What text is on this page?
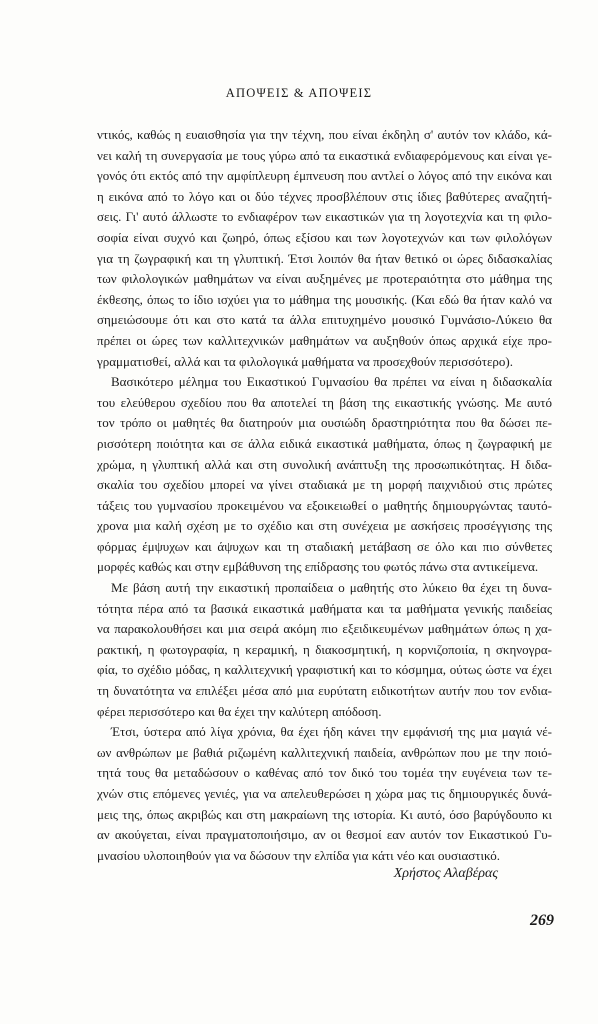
ΑΠΟΨΕΙΣ & ΑΠΟΨΕΙΣ

ντικός, καθώς η ευαισθησία για την τέχνη, που είναι έκδηλη σ' αυτόν τον κλάδο, κά-
νει καλή τη συνεργασία με τους γύρω από τα εικαστικά ενδιαφερόμενους και είναι γε-
γονός ότι εκτός από την αμφίπλευρη έμπνευση που αντλεί ο λόγος από την εικόνα και
η εικόνα από το λόγο και οι δύο τέχνες προσβλέπουν στις ίδιες βαθύτερες αναζητή-
σεις. Γι' αυτό άλλωστε το ενδιαφέρον των εικαστικών για τη λογοτεχνία και τη φιλο-
σοφία είναι συχνό και ζωηρό, όπως εξίσου και των λογοτεχνών και των φιλολόγων
για τη ζωγραφική και τη γλυπτική. Έτσι λοιπόν θα ήταν θετικό οι ώρες διδασκαλίας
των φιλολογικών μαθημάτων να είναι αυξημένες με προτεραιότητα στο μάθημα της
έκθεσης, όπως το ίδιο ισχύει για το μάθημα της μουσικής. (Και εδώ θα ήταν καλό να
σημειώσουμε ότι και στο κατά τα άλλα επιτυχημένο μουσικό Γυμνάσιο-Λύκειο θα
πρέπει οι ώρες των καλλιτεχνικών μαθημάτων να αυξηθούν όπως αρχικά είχε προ-
γραμματισθεί, αλλά και τα φιλολογικά μαθήματα να προσεχθούν περισσότερο).

Βασικότερο μέλημα του Εικαστικού Γυμνασίου θα πρέπει να είναι η διδασκαλία
του ελεύθερου σχεδίου που θα αποτελεί τη βάση της εικαστικής γνώσης. Με αυτό
τον τρόπο οι μαθητές θα διατηρούν μια ουσιώδη δραστηριότητα που θα δώσει πε-
ρισσότερη ποιότητα και σε άλλα ειδικά εικαστικά μαθήματα, όπως η ζωγραφική με
χρώμα, η γλυπτική αλλά και στη συνολική ανάπτυξη της προσωπικότητας. Η διδα-
σκαλία του σχεδίου μπορεί να γίνει σταδιακά με τη μορφή παιχνιδιού στις πρώτες
τάξεις του γυμνασίου προκειμένου να εξοικειωθεί ο μαθητής δημιουργώντας ταυτό-
χρονα μια καλή σχέση με το σχέδιο και στη συνέχεια με ασκήσεις προσέγγισης της
φόρμας έμψυχων και άψυχων και τη σταδιακή μετάβαση σε όλο και πιο σύνθετες
μορφές καθώς και στην εμβάθυνση της επίδρασης του φωτός πάνω στα αντικείμενα.

Με βάση αυτή την εικαστική προπαίδεια ο μαθητής στο λύκειο θα έχει τη δυνα-
τότητα πέρα από τα βασικά εικαστικά μαθήματα και τα μαθήματα γενικής παιδείας
να παρακολουθήσει και μια σειρά ακόμη πιο εξειδικευμένων μαθημάτων όπως η χα-
ρακτική, η φωτογραφία, η κεραμική, η διακοσμητική, η κορνιζοποιία, η σκηνογρα-
φία, το σχέδιο μόδας, η καλλιτεχνική γραφιστική και το κόσμημα, ούτως ώστε να έχει
τη δυνατότητα να επιλέξει μέσα από μια ευρύτατη ειδικοτήτων αυτήν που τον ενδια-
φέρει περισσότερο και θα έχει την καλύτερη απόδοση.

Έτσι, ύστερα από λίγα χρόνια, θα έχει ήδη κάνει την εμφάνισή της μια μαγιά νέ-
ων ανθρώπων με βαθιά ριζωμένη καλλιτεχνική παιδεία, ανθρώπων που με την ποιό-
τητά τους θα μεταδώσουν ο καθένας από τον δικό του τομέα την ευγένεια των τε-
χνών στις επόμενες γενιές, για να απελευθερώσει η χώρα μας τις δημιουργικές δυνά-
μεις της, όπως ακριβώς και στη μακραίωνη της ιστορία. Κι αυτό, όσο βαρύγδουπο κι
αν ακούγεται, είναι πραγματοποιήσιμο, αν οι θεσμοί εαν αυτόν τον Εικαστικού Γυ-
μνασίου υλοποιηθούν για να δώσουν την ελπίδα για κάτι νέο και ουσιαστικό.

Χρήστος Αλαβέρας
269
